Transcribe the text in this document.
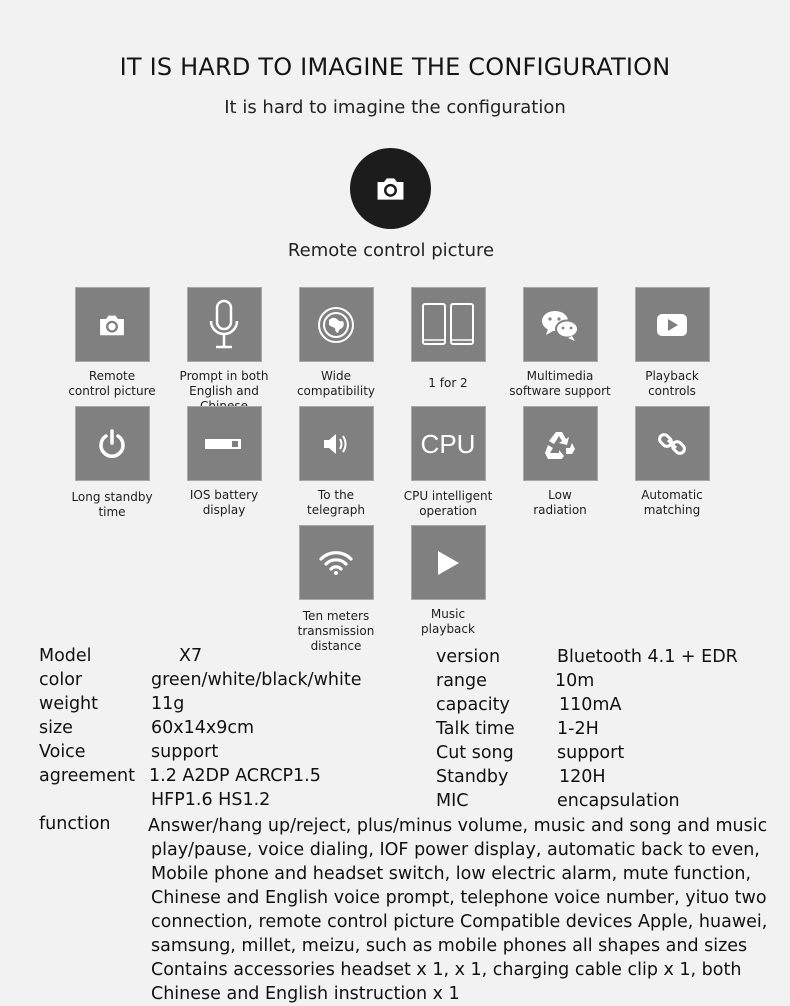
IT IS HARD TO IMAGINE THE CONFIGURATION
It is hard to imagine the configuration
Remote control picture
Remote
control picture
Prompt in both
English and
Wide
compatibility
1 for 2	Multimedia
software support
Playback
controls
Long standby
time
IOS battery
display
To the
telegraph
CPU
CPU intelligent
operation
Low
radiation
Automatic
matching
Ten meters
transmission distance
Music
playback
Model	X7
color	green/white/black/white
weight	11g
size	60x14x9cm
Voice	support
agreement 1.2 A2DP ACRCP1.5
HFP1.6 HS1.2
version	Bluetooth 4.1 + EDR
range	10m
capacity	110mA
Talk time 1-2H
Cut song support
Standby	120H
MIC	encapsulation
function Answer/hang up/reject, plus/minus volume, music and song and music
play/pause, voice dialing, IOF power display, automatic back to even,
Mobile phone and headset switch, low electric alarm, mute function,
Chinese and English voice prompt, telephone voice number, yituo two
connection, remote control picture Compatible devices Apple, huawei,
samsung, millet, meizu, such as mobile phones all shapes and sizes
Contains accessories headset x 1, x 1, charging cable clip x 1, both
Chinese and English instruction x 1
